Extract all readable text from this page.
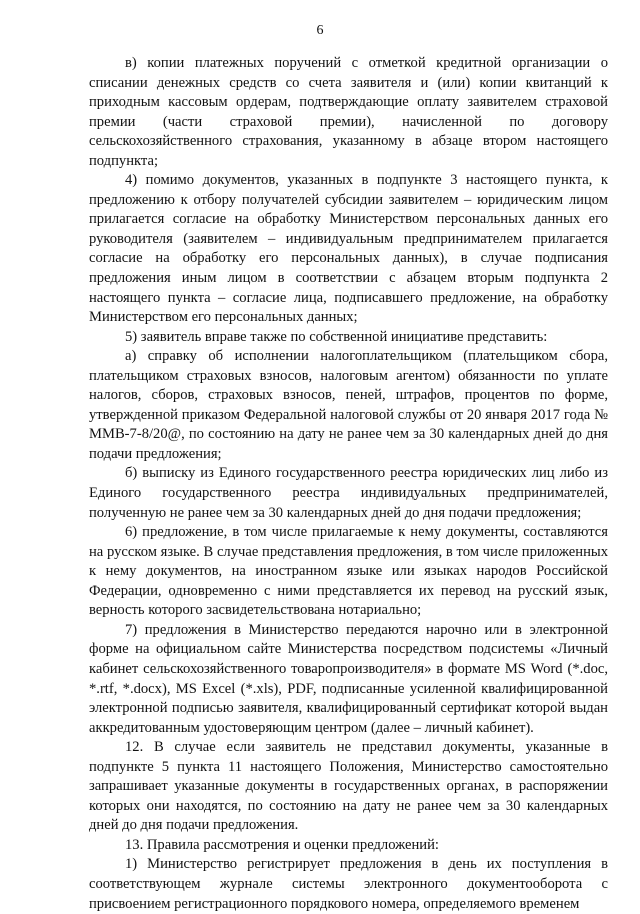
6

в) копии платежных поручений с отметкой кредитной организации о списании денежных средств со счета заявителя и (или) копии квитанций к приходным кассовым ордерам, подтверждающие оплату заявителем страховой премии (части страховой премии), начисленной по договору сельскохозяйственного страхования, указанному в абзаце втором настоящего подпункта;

4) помимо документов, указанных в подпункте 3 настоящего пункта, к предложению к отбору получателей субсидии заявителем – юридическим лицом прилагается согласие на обработку Министерством персональных данных его руководителя (заявителем – индивидуальным предпринимателем прилагается согласие на обработку его персональных данных), в случае подписания предложения иным лицом в соответствии с абзацем вторым подпункта 2 настоящего пункта – согласие лица, подписавшего предложение, на обработку Министерством его персональных данных;

5) заявитель вправе также по собственной инициативе представить:

а) справку об исполнении налогоплательщиком (плательщиком сбора, плательщиком страховых взносов, налоговым агентом) обязанности по уплате налогов, сборов, страховых взносов, пеней, штрафов, процентов по форме, утвержденной приказом Федеральной налоговой службы от 20 января 2017 года № ММВ-7-8/20@, по состоянию на дату не ранее чем за 30 календарных дней до дня подачи предложения;

б) выписку из Единого государственного реестра юридических лиц либо из Единого государственного реестра индивидуальных предпринимателей, полученную не ранее чем за 30 календарных дней до дня подачи предложения;

6) предложение, в том числе прилагаемые к нему документы, составляются на русском языке. В случае представления предложения, в том числе приложенных к нему документов, на иностранном языке или языках народов Российской Федерации, одновременно с ними представляется их перевод на русский язык, верность которого засвидетельствована нотариально;

7) предложения в Министерство передаются нарочно или в электронной форме на официальном сайте Министерства посредством подсистемы «Личный кабинет сельскохозяйственного товаропроизводителя» в формате MS Word (*.doc, *.rtf, *.docx), MS Excel (*.xls), PDF, подписанные усиленной квалифицированной электронной подписью заявителя, квалифицированный сертификат которой выдан аккредитованным удостоверяющим центром (далее – личный кабинет).

12. В случае если заявитель не представил документы, указанные в подпункте 5 пункта 11 настоящего Положения, Министерство самостоятельно запрашивает указанные документы в государственных органах, в распоряжении которых они находятся, по состоянию на дату не ранее чем за 30 календарных дней до дня подачи предложения.

13. Правила рассмотрения и оценки предложений:

1) Министерство регистрирует предложения в день их поступления в соответствующем журнале системы электронного документооборота с присвоением регистрационного порядкового номера, определяемого временем
